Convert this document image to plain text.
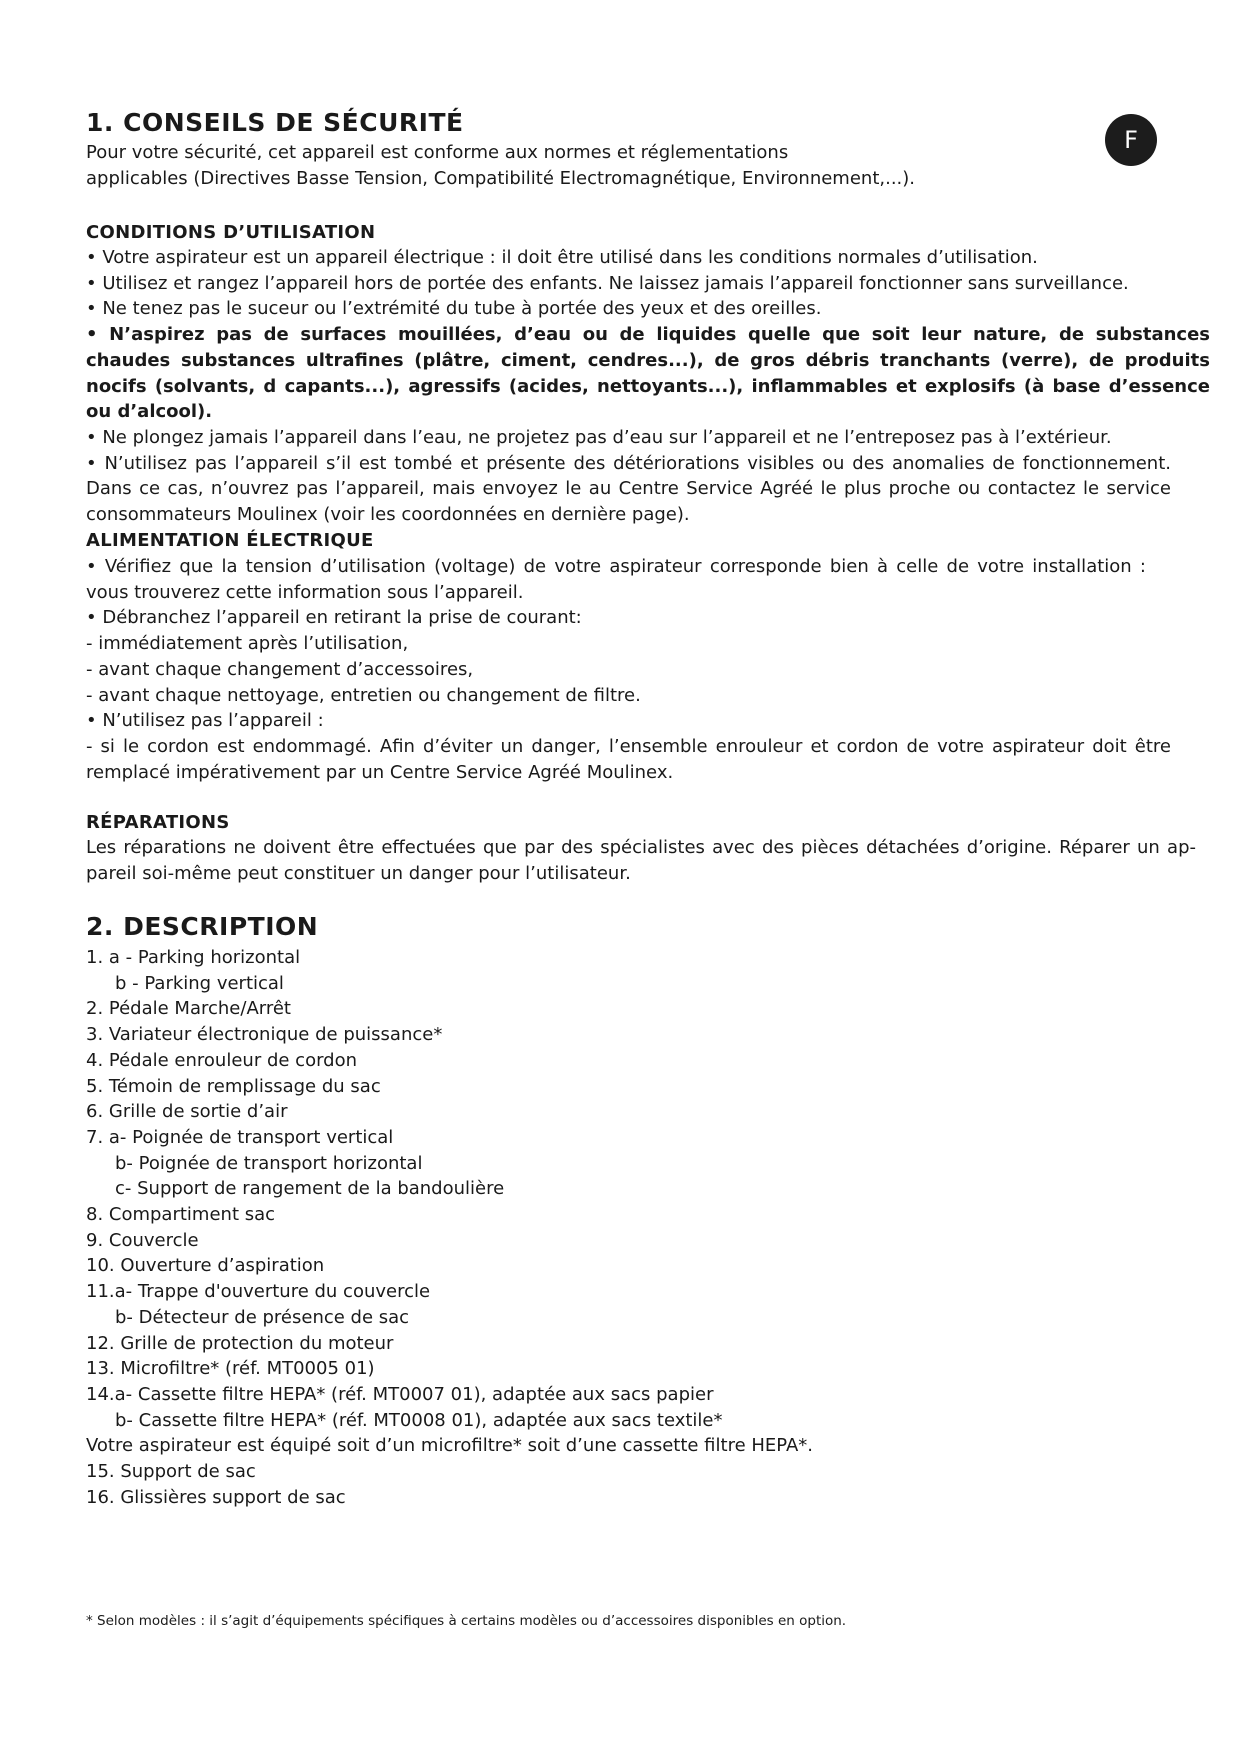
F
1. CONSEILS DE SÉCURITÉ

Pour votre sécurité, cet appareil est conforme aux normes et réglementations

applicables (Directives Basse Tension, Compatibilité Electromagnétique, Environnement,...).

CONDITIONS D’UTILISATION

• Votre aspirateur est un appareil électrique : il doit être utilisé dans les conditions normales d’utilisation.

• Utilisez et rangez l’appareil hors de portée des enfants. Ne laissez jamais l’appareil fonctionner sans surveillance.

• Ne tenez pas le suceur ou l’extrémité du tube à portée des yeux et des oreilles.

• N’aspirez pas de surfaces mouillées, d’eau ou de liquides quelle que soit leur nature, de substances chaudes substances ultrafines (plâtre, ciment, cendres...), de gros débris tranchants (verre), de produits nocifs (solvants, d capants...), agressifs (acides, nettoyants...), inflammables et explosifs (à base d’essence ou d’alcool).

• Ne plongez jamais l’appareil dans l’eau, ne projetez pas d’eau sur l’appareil et ne l’entreposez pas à l’extérieur.

• N’utilisez pas l’appareil s’il est tombé et présente des détériorations visibles ou des anomalies de fonctionnement. Dans ce cas, n’ouvrez pas l’appareil, mais envoyez le au Centre Service Agréé le plus proche ou contactez le service consommateurs Moulinex (voir les coordonnées en dernière page).

ALIMENTATION ÉLECTRIQUE

• Vérifiez que la tension d’utilisation (voltage) de votre aspirateur corresponde bien à celle de votre installation : vous trouverez cette information sous l’appareil.

• Débranchez l’appareil en retirant la prise de courant:

- immédiatement après l’utilisation,

- avant chaque changement d’accessoires,

- avant chaque nettoyage, entretien ou changement de filtre.

• N’utilisez pas l’appareil :

- si le cordon est endommagé. Afin d’éviter un danger, l’ensemble enrouleur et cordon de votre aspirateur doit être remplacé impérativement par un Centre Service Agréé Moulinex.

RÉPARATIONS

Les réparations ne doivent être effectuées que par des spécialistes avec des pièces détachées d’origine. Réparer un ap-pareil soi-même peut constituer un danger pour l’utilisateur.

2. DESCRIPTION

1. a - Parking horizontal

b - Parking vertical

2. Pédale Marche/Arrêt

3. Variateur électronique de puissance*

4. Pédale enrouleur de cordon

5. Témoin de remplissage du sac

6. Grille de sortie d’air

7. a- Poignée de transport vertical

b- Poignée de transport horizontal

c- Support de rangement de la bandoulière

8. Compartiment sac

9. Couvercle

10. Ouverture d’aspiration

11.a- Trappe d'ouverture du couvercle

b- Détecteur de présence de sac

12. Grille de protection du moteur

13. Microfiltre* (réf. MT0005 01)

14.a- Cassette filtre HEPA* (réf. MT0007 01), adaptée aux sacs papier

b- Cassette filtre HEPA* (réf. MT0008 01), adaptée aux sacs textile*

Votre aspirateur est équipé soit d’un microfiltre* soit d’une cassette filtre HEPA*.

15. Support de sac

16. Glissières support de sac

* Selon modèles : il s’agit d’équipements spécifiques à certains modèles ou d’accessoires disponibles en option.
